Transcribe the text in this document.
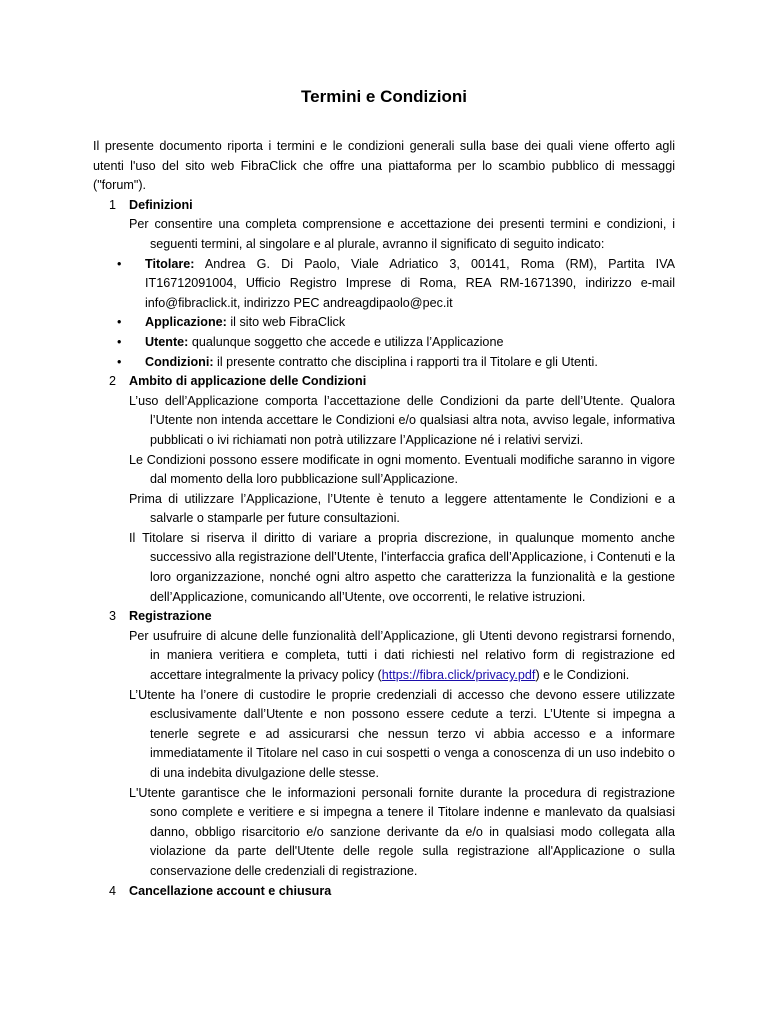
Termini e Condizioni

Il presente documento riporta i termini e le condizioni generali sulla base dei quali viene offerto agli utenti l'uso del sito web FibraClick che offre una piattaforma per lo scambio pubblico di messaggi ("forum").

1	Definizioni

Per consentire una completa comprensione e accettazione dei presenti termini e condizioni, i seguenti termini, al singolare e al plurale, avranno il significato di seguito indicato:

•	Titolare: Andrea G. Di Paolo, Viale Adriatico 3, 00141, Roma (RM), Partita IVA IT16712091004, Ufficio Registro Imprese di Roma, REA RM-1671390, indirizzo e-mail info@fibraclick.it, indirizzo PEC andreagdipaolo@pec.it
•	Applicazione: il sito web FibraClick
•	Utente: qualunque soggetto che accede e utilizza l’Applicazione
•	Condizioni: il presente contratto che disciplina i rapporti tra il Titolare e gli Utenti.
2	Ambito di applicazione delle Condizioni

L’uso dell’Applicazione comporta l’accettazione delle Condizioni da parte dell’Utente. Qualora l’Utente non intenda accettare le Condizioni e/o qualsiasi altra nota, avviso legale, informativa pubblicati o ivi richiamati non potrà utilizzare l’Applicazione né i relativi servizi.

Le Condizioni possono essere modificate in ogni momento. Eventuali modifiche saranno in vigore dal momento della loro pubblicazione sull’Applicazione.

Prima di utilizzare l’Applicazione, l’Utente è tenuto a leggere attentamente le Condizioni e a salvarle o stamparle per future consultazioni.

Il Titolare si riserva il diritto di variare a propria discrezione, in qualunque momento anche successivo alla registrazione dell’Utente, l’interfaccia grafica dell’Applicazione, i Contenuti e la loro organizzazione, nonché ogni altro aspetto che caratterizza la funzionalità e la gestione dell’Applicazione, comunicando all’Utente, ove occorrenti, le relative istruzioni.

3	Registrazione

Per usufruire di alcune delle funzionalità dell’Applicazione, gli Utenti devono registrarsi fornendo, in maniera veritiera e completa, tutti i dati richiesti nel relativo form di registrazione ed accettare integralmente la privacy policy (https://fibra.click/privacy.pdf) e le Condizioni.

L’Utente ha l’onere di custodire le proprie credenziali di accesso che devono essere utilizzate esclusivamente dall’Utente e non possono essere cedute a terzi. L’Utente si impegna a tenerle segrete e ad assicurarsi che nessun terzo vi abbia accesso e a informare immediatamente il Titolare nel caso in cui sospetti o venga a conoscenza di un uso indebito o di una indebita divulgazione delle stesse.

L'Utente garantisce che le informazioni personali fornite durante la procedura di registrazione sono complete e veritiere e si impegna a tenere il Titolare indenne e manlevato da qualsiasi danno, obbligo risarcitorio e/o sanzione derivante da e/o in qualsiasi modo collegata alla violazione da parte dell'Utente delle regole sulla registrazione all'Applicazione o sulla conservazione delle credenziali di registrazione.

4	Cancellazione account e chiusura
